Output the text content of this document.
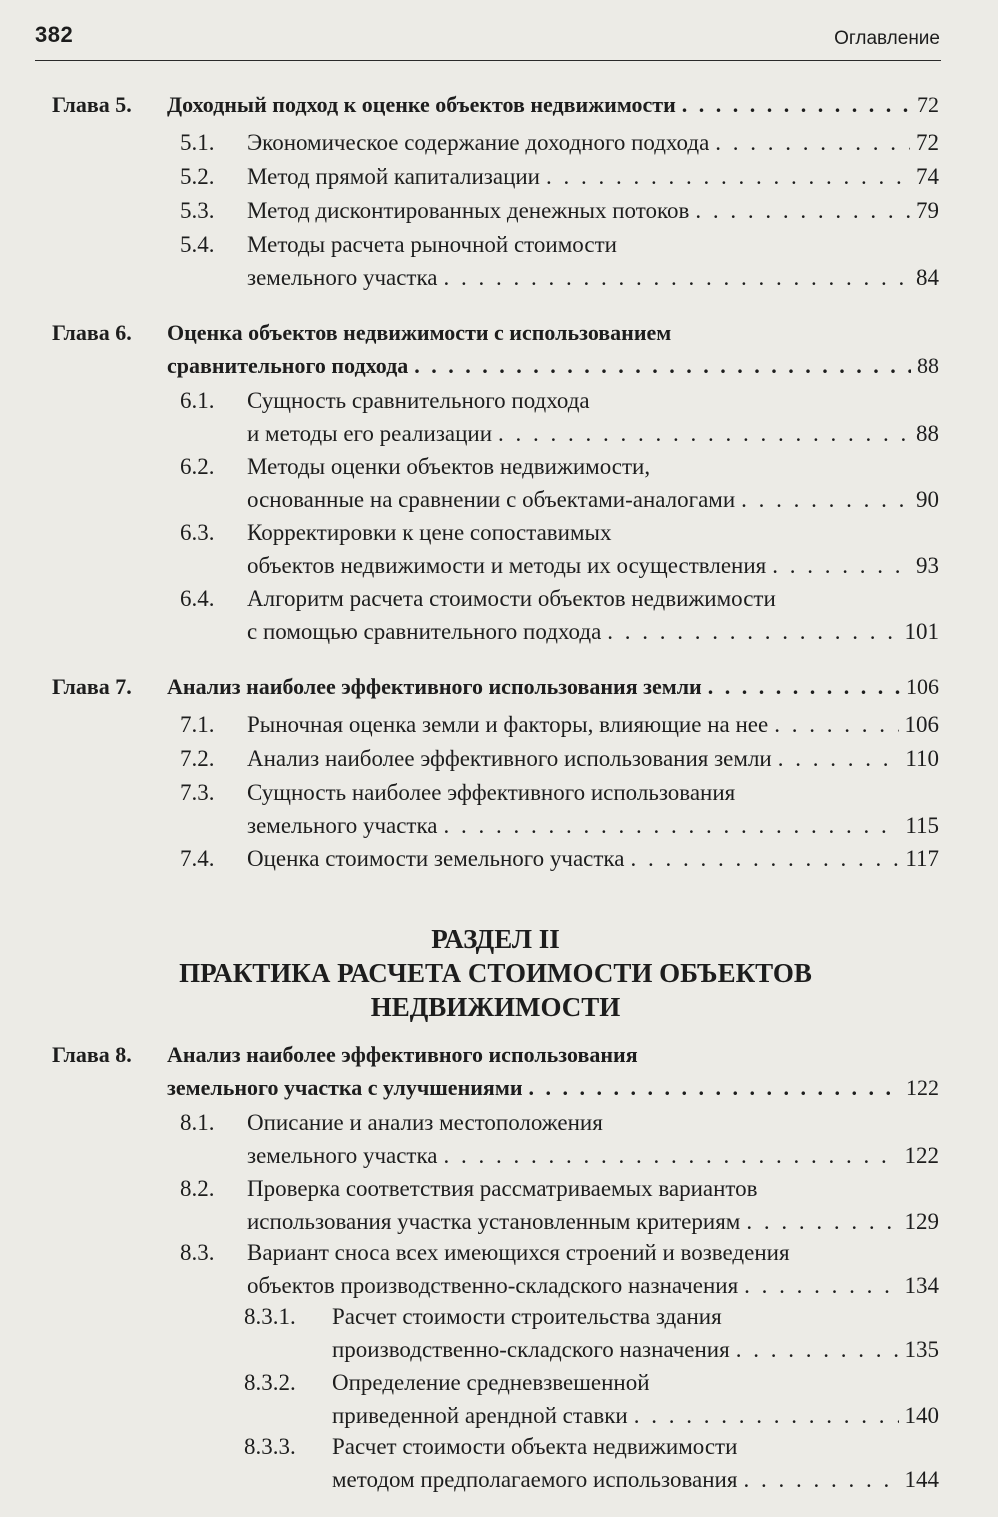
382	Оглавление
Глава 5. Доходный подход к оценке объектов недвижимости . . .	72
5.1. Экономическое содержание доходного подхода . . .	72
5.2. Метод прямой капитализации . . .	74
5.3. Метод дисконтированных денежных потоков . . .	79
5.4. Методы расчета рыночной стоимости
земельного участка . . .	84
Глава 6. Оценка объектов недвижимости с использованием
сравнительного подхода . . .	88
6.1. Сущность сравнительного подхода
и методы его реализации . . .	88
6.2. Методы оценки объектов недвижимости,
основанные на сравнении с объектами-аналогами . . .	90
6.3. Корректировки к цене сопоставимых
объектов недвижимости и методы их осуществления . . .	93
6.4. Алгоритм расчета стоимости объектов недвижимости
с помощью сравнительного подхода . . .	101
Глава 7. Анализ наиболее эффективного использования земли . . .	106
7.1. Рыночная оценка земли и факторы, влияющие на нее . . .	106
7.2. Анализ наиболее эффективного использования земли . . .	110
7.3. Сущность наиболее эффективного использования
земельного участка . . .	115
7.4. Оценка стоимости земельного участка . . .	117
РАЗДЕЛ II
ПРАКТИКА РАСЧЕТА СТОИМОСТИ ОБЪЕКТОВ
НЕДВИЖИМОСТИ
Глава 8. Анализ наиболее эффективного использования
земельного участка с улучшениями . . .	122
8.1. Описание и анализ местоположения
земельного участка . . .	122
8.2. Проверка соответствия рассматриваемых вариантов
использования участка установленным критериям . . .	129
8.3. Вариант сноса всех имеющихся строений и возведения
объектов производственно-складского назначения . . .	134
8.3.1. Расчет стоимости строительства здания
производственно-складского назначения . . .	135
8.3.2. Определение средневзвешенной
приведенной арендной ставки . . .	140
8.3.3. Расчет стоимости объекта недвижимости
методом предполагаемого использования . . .	144
